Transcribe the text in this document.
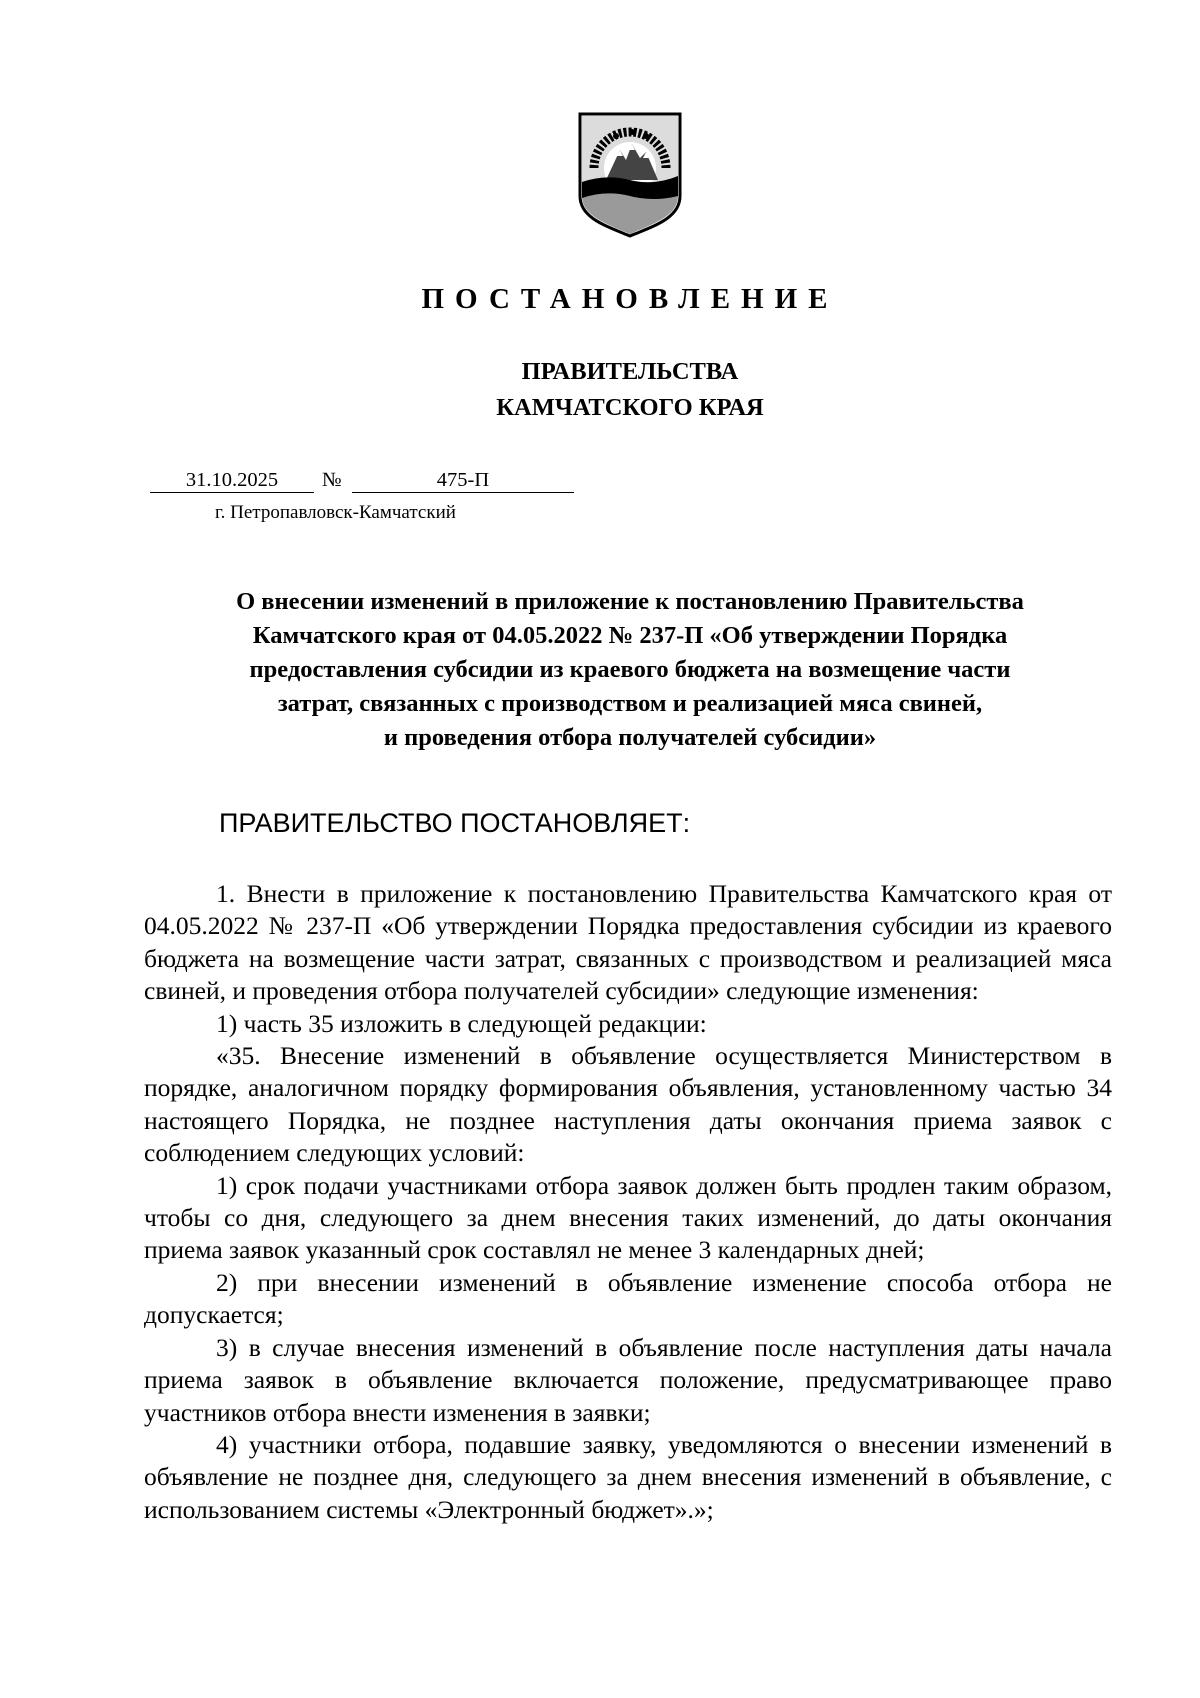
ПОСТАНОВЛЕНИЕ
ПРАВИТЕЛЬСТВА
КАМЧАТСКОГО КРАЯ
31.10.2025	№	475-П
г. Петропавловск-Камчатский
О внесении изменений в приложение к постановлению Правительства
Камчатского края от 04.05.2022 № 237-П «Об утверждении Порядка
предоставления субсидии из краевого бюджета на возмещение части
затрат, связанных с производством и реализацией мяса свиней,
и проведения отбора получателей субсидии»
ПРАВИТЕЛЬСТВО ПОСТАНОВЛЯЕТ:

1. Внести в приложение к постановлению Правительства Камчатского края от 04.05.2022 № 237-П «Об утверждении Порядка предоставления субсидии из краевого бюджета на возмещение части затрат, связанных с производством и реализацией мяса свиней, и проведения отбора получателей субсидии» следующие изменения:

1) часть 35 изложить в следующей редакции:

«35. Внесение изменений в объявление осуществляется Министерством в порядке, аналогичном порядку формирования объявления, установленному частью 34 настоящего Порядка, не позднее наступления даты окончания приема заявок с соблюдением следующих условий:

1) срок подачи участниками отбора заявок должен быть продлен таким образом, чтобы со дня, следующего за днем внесения таких изменений, до даты окончания приема заявок указанный срок составлял не менее 3 календарных дней;

2) при внесении изменений в объявление изменение способа отбора не допускается;

3) в случае внесения изменений в объявление после наступления даты начала приема заявок в объявление включается положение, предусматривающее право участников отбора внести изменения в заявки;

4) участники отбора, подавшие заявку, уведомляются о внесении изменений в объявление не позднее дня, следующего за днем внесения изменений в объявление, с использованием системы «Электронный бюджет».»;
